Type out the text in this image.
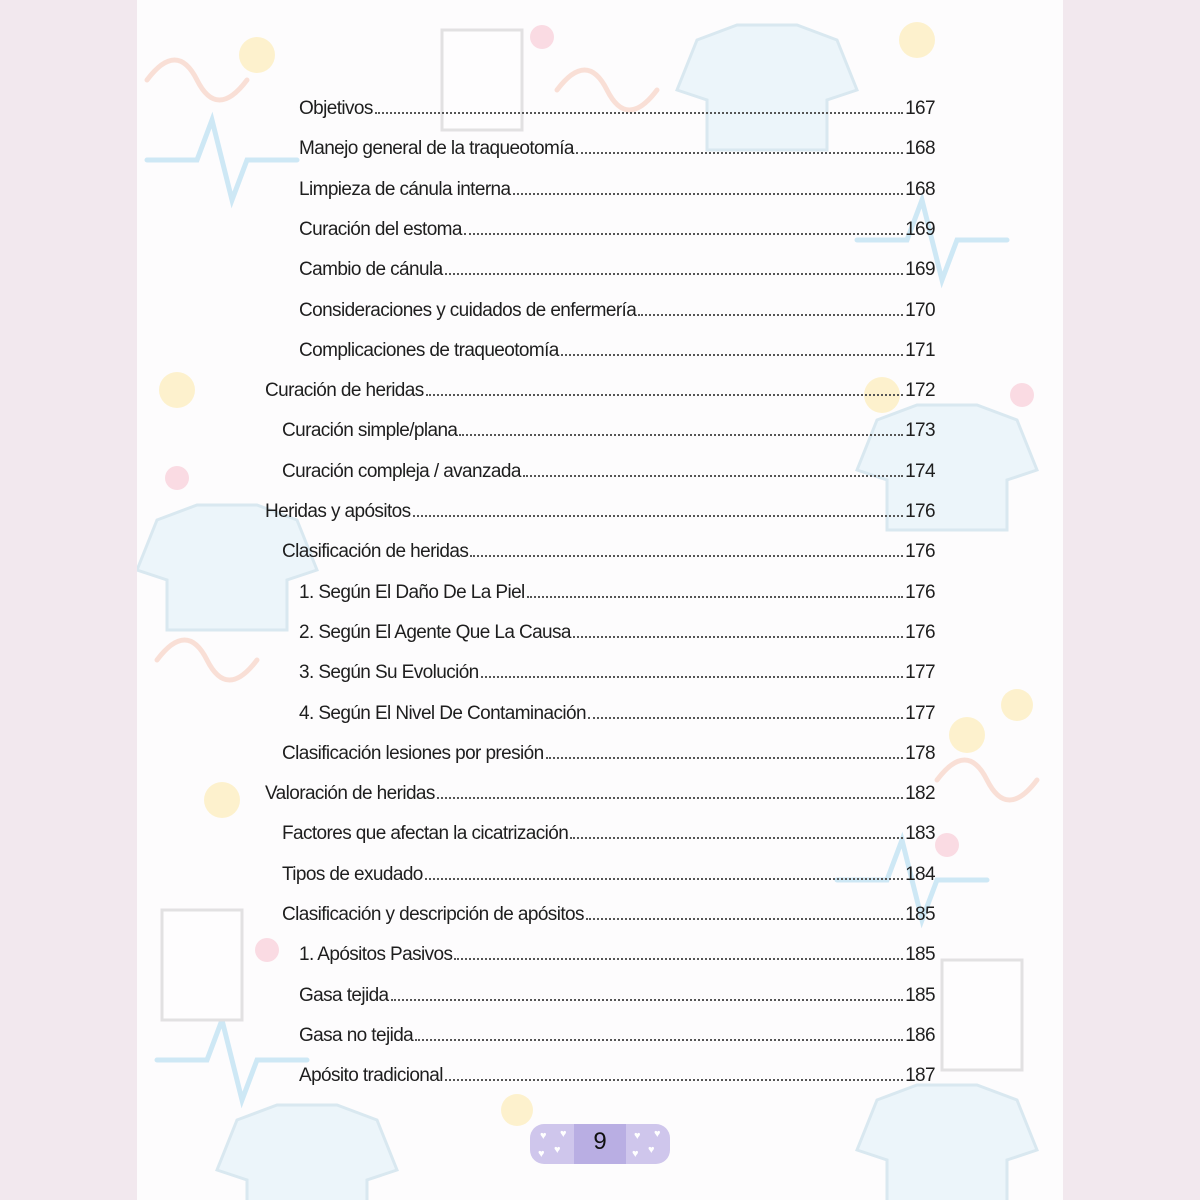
Objetivos	167
Manejo general de la traqueotomía	168
Limpieza de cánula interna	168
Curación del estoma	169
Cambio de cánula	169
Consideraciones y cuidados de enfermería	170
Complicaciones de traqueotomía	171
Curación de heridas	172
Curación simple/plana	173
Curación compleja / avanzada	174
Heridas y apósitos	176
Clasificación de heridas	176
1. Según El Daño De La Piel	176
2. Según El Agente Que La Causa	176
3. Según Su Evolución	177
4. Según El Nivel De Contaminación	177
Clasificación lesiones por presión	178
Valoración de heridas	182
Factores que afectan la cicatrización	183
Tipos de exudado	184
Clasificación y descripción de apósitos	185
1. Apósitos Pasivos	185
Gasa tejida	185
Gasa no tejida	186
Apósito tradicional	187
♥
♥
♥
♥	♥
♥
♥
♥
9
